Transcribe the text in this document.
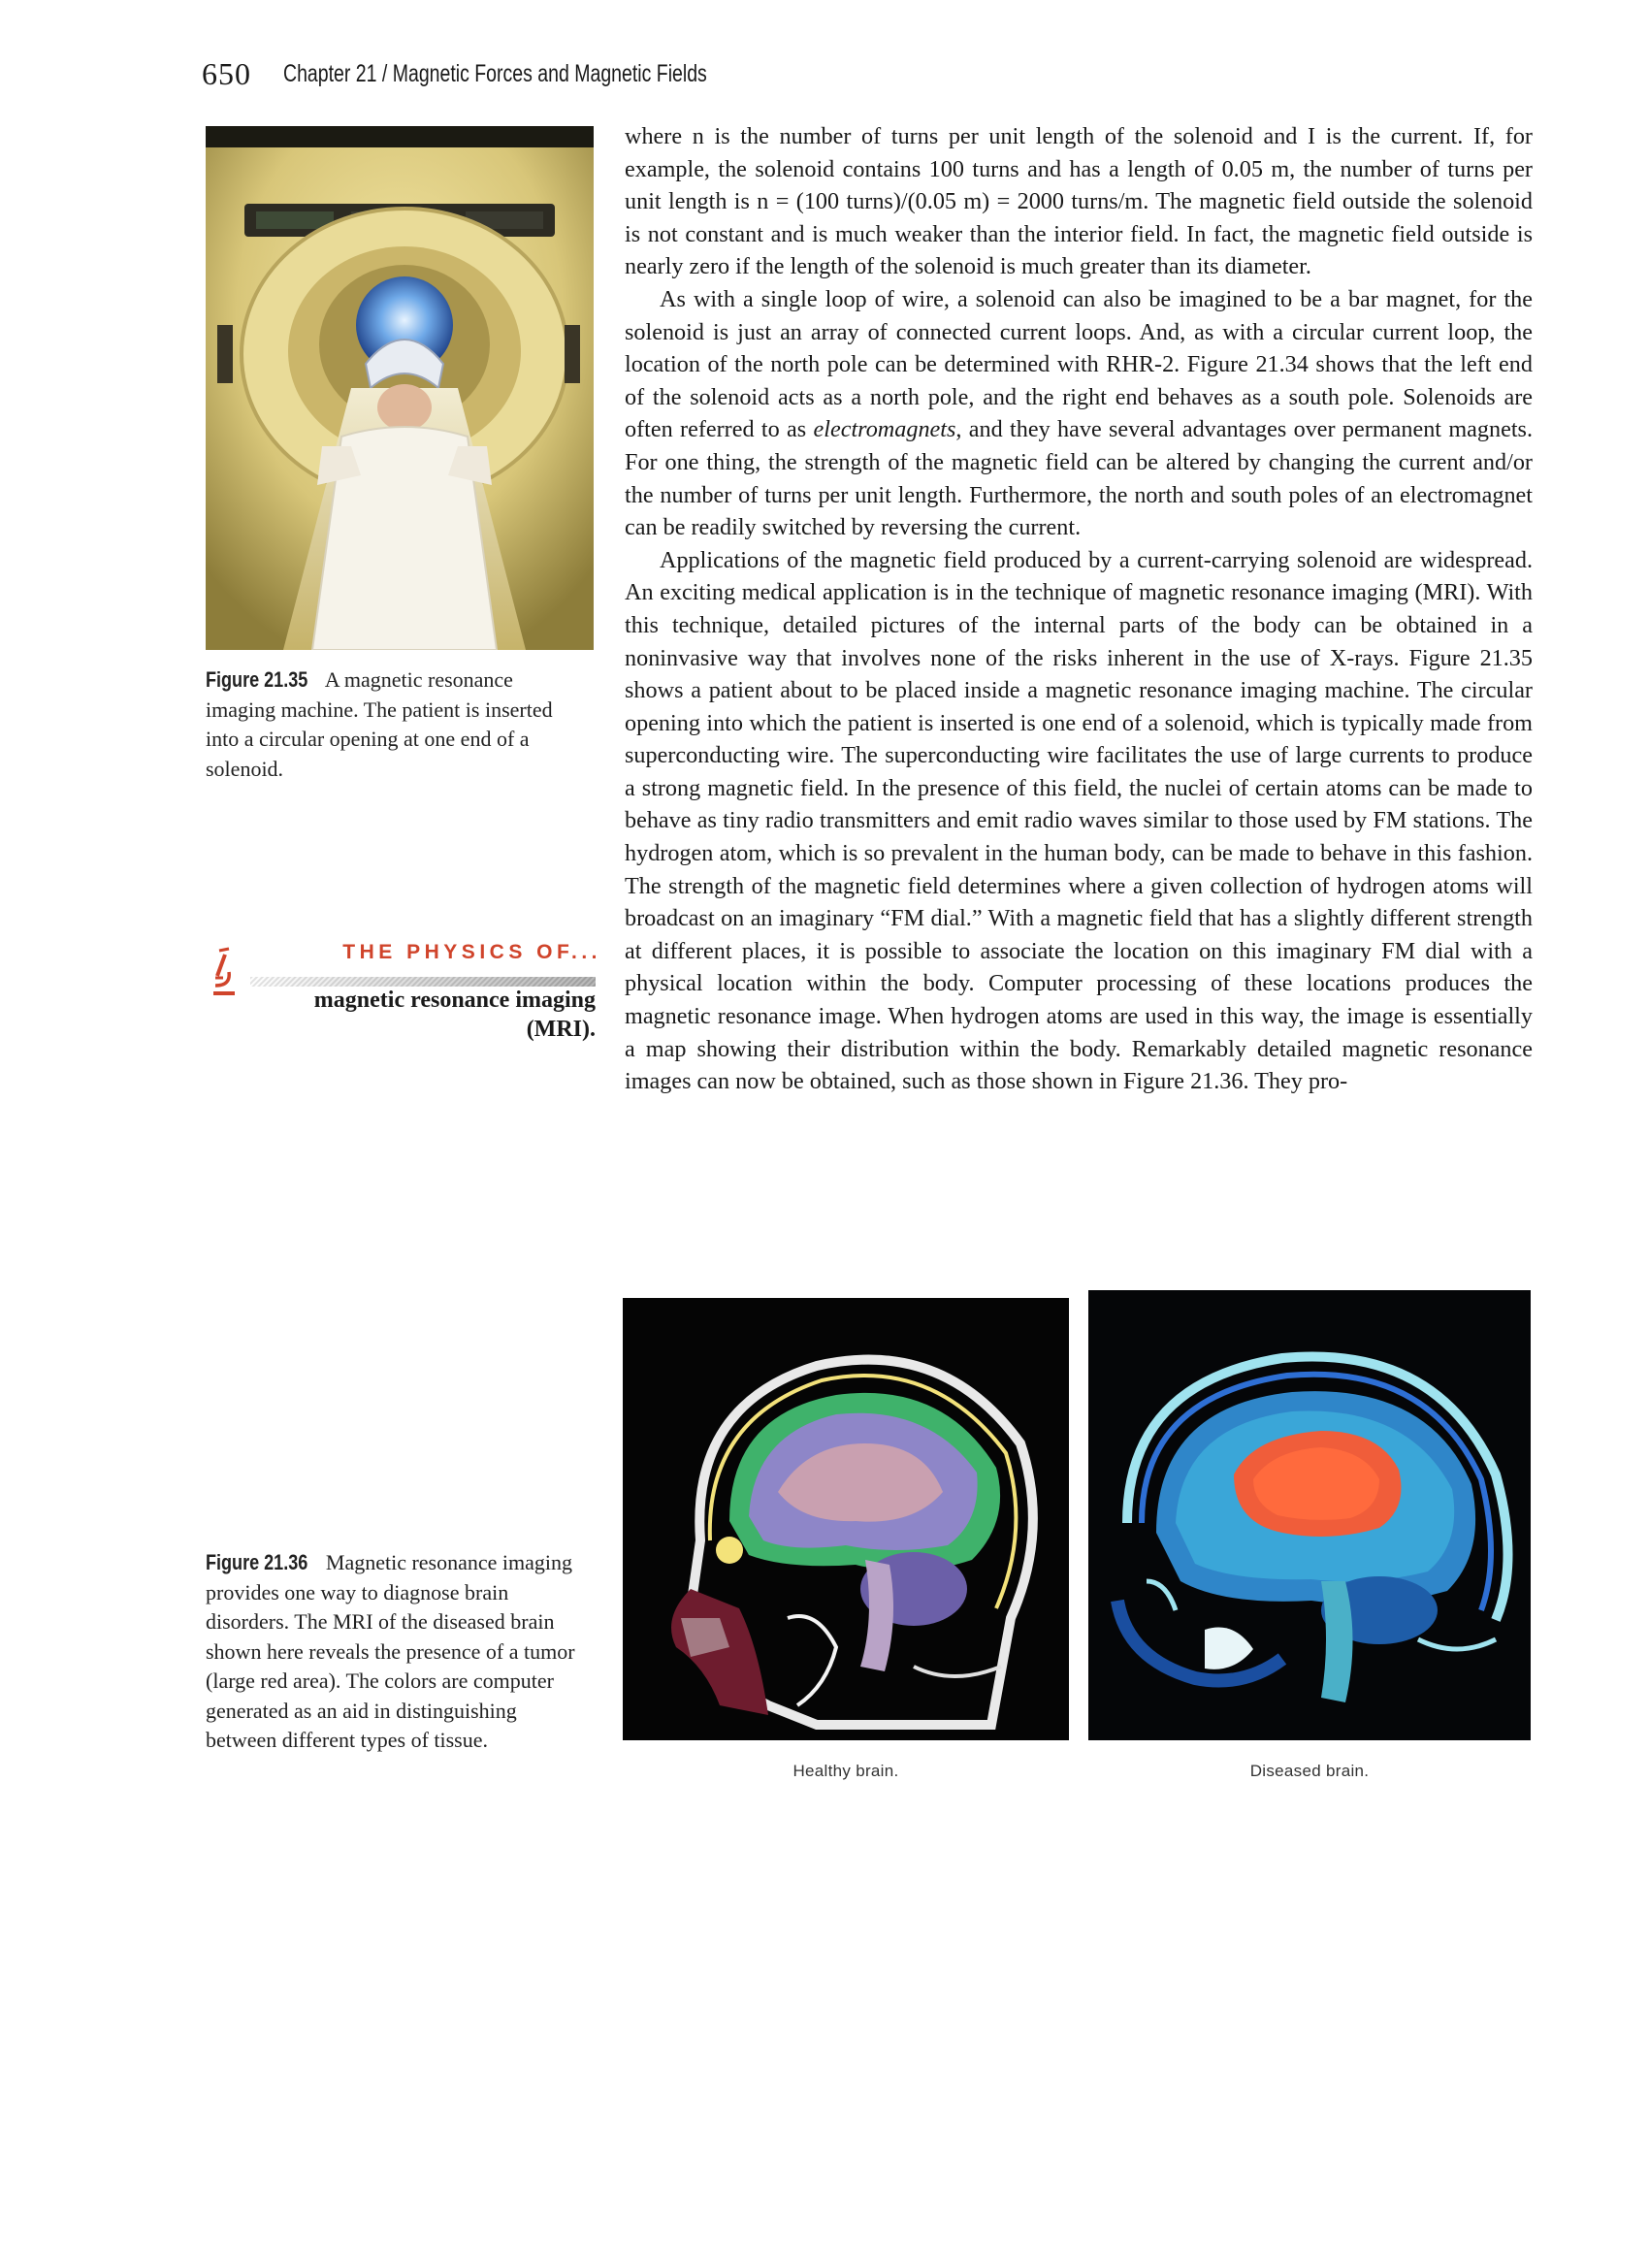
650 Chapter 21 / Magnetic Forces and Magnetic Fields
Figure 21.35 A magnetic resonance imaging machine. The patient is inserted into a circular opening at one end of a solenoid.
THE PHYSICS OF...
magnetic resonance imaging
(MRI).

where n is the number of turns per unit length of the solenoid and I is the current. If, for example, the solenoid contains 100 turns and has a length of 0.05 m, the number of turns per unit length is n = (100 turns)/(0.05 m) = 2000 turns/m. The magnetic field outside the solenoid is not constant and is much weaker than the interior field. In fact, the magnetic field outside is nearly zero if the length of the solenoid is much greater than its diameter.

As with a single loop of wire, a solenoid can also be imagined to be a bar magnet, for the solenoid is just an array of connected current loops. And, as with a circular current loop, the location of the north pole can be determined with RHR-2. Figure 21.34 shows that the left end of the solenoid acts as a north pole, and the right end behaves as a south pole. Solenoids are often referred to as electromagnets, and they have several advantages over permanent magnets. For one thing, the strength of the magnetic field can be altered by changing the current and/or the number of turns per unit length. Furthermore, the north and south poles of an electromagnet can be readily switched by reversing the current.

Applications of the magnetic field produced by a current-carrying solenoid are widespread. An exciting medical application is in the technique of magnetic resonance imaging (MRI). With this technique, detailed pictures of the internal parts of the body can be obtained in a noninvasive way that involves none of the risks inherent in the use of X-rays. Figure 21.35 shows a patient about to be placed inside a magnetic resonance imaging machine. The circular opening into which the patient is inserted is one end of a solenoid, which is typically made from superconducting wire. The superconducting wire facilitates the use of large currents to produce a strong magnetic field. In the presence of this field, the nuclei of certain atoms can be made to behave as tiny radio transmitters and emit radio waves similar to those used by FM stations. The hydrogen atom, which is so prevalent in the human body, can be made to behave in this fashion. The strength of the magnetic field determines where a given collection of hydrogen atoms will broadcast on an imaginary “FM dial.” With a magnetic field that has a slightly different strength at different places, it is possible to associate the location on this imaginary FM dial with a physical location within the body. Computer processing of these locations produces the magnetic resonance image. When hydrogen atoms are used in this way, the image is essentially a map showing their distribution within the body. Remarkably detailed magnetic resonance images can now be obtained, such as those shown in Figure 21.36. They pro-

Healthy brain.	Diseased brain.
Figure 21.36 Magnetic resonance imaging provides one way to diagnose brain disorders. The MRI of the diseased brain shown here reveals the presence of a tumor (large red area). The colors are computer generated as an aid in distinguishing between different types of tissue.
